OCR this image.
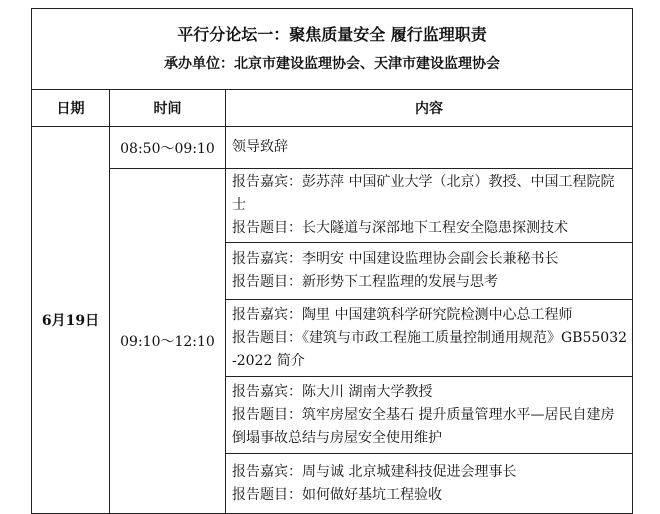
平行分论坛一：聚焦质量安全 履行监理职责
承办单位：北京市建设监理协会、天津市建设监理协会		

日期	时间	内容
6月19日	08:50～09:10	领导致辞
	09:10～12:10	报告嘉宾：彭苏萍 中国矿业大学（北京）教授、中国工程院院士
报告题目：长大隧道与深部地下工程安全隐患探测技术

		报告嘉宾：李明安 中国建设监理协会副会长兼秘书长
报告题目：新形势下工程监理的发展与思考

		报告嘉宾：陶里 中国建筑科学研究院检测中心总工程师
报告题目：《建筑与市政工程施工质量控制通用规范》GB55032-2022 简介

		报告嘉宾：陈大川 湖南大学教授
报告题目：筑牢房屋安全基石 提升质量管理水平—居民自建房倒塌事故总结与房屋安全使用维护

		报告嘉宾：周与诚 北京城建科技促进会理事长
报告题目：如何做好基坑工程验收
